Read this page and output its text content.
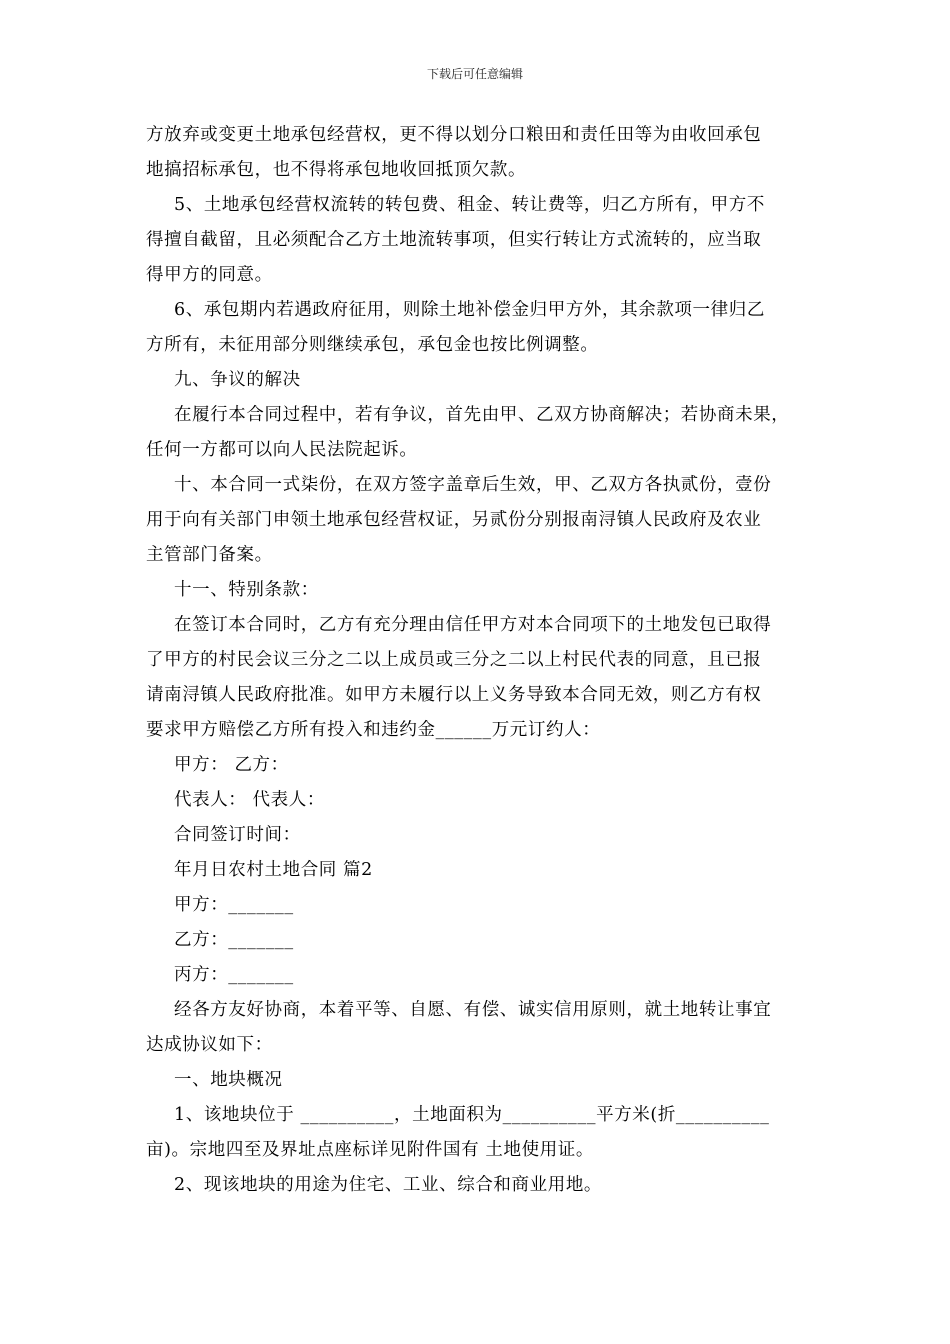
下载后可任意编辑
方放弃或变更土地承包经营权，更不得以划分口粮田和责任田等为由收回承包
地搞招标承包，也不得将承包地收回抵顶欠款。
5、土地承包经营权流转的转包费、租金、转让费等，归乙方所有，甲方不
得擅自截留，且必须配合乙方土地流转事项，但实行转让方式流转的，应当取
得甲方的同意。
6、承包期内若遇政府征用，则除土地补偿金归甲方外，其余款项一律归乙
方所有，未征用部分则继续承包，承包金也按比例调整。
九、争议的解决
在履行本合同过程中，若有争议，首先由甲、乙双方协商解决；若协商未果，
任何一方都可以向人民法院起诉。
十、本合同一式柒份，在双方签字盖章后生效，甲、乙双方各执贰份，壹份
用于向有关部门申领土地承包经营权证，另贰份分别报南浔镇人民政府及农业
主管部门备案。
十一、特别条款：
在签订本合同时，乙方有充分理由信任甲方对本合同项下的土地发包已取得
了甲方的村民会议三分之二以上成员或三分之二以上村民代表的同意，且已报
请南浔镇人民政府批准。如甲方未履行以上义务导致本合同无效，则乙方有权
要求甲方赔偿乙方所有投入和违约金______万元订约人：
甲方： 乙方：
代表人： 代表人：
合同签订时间：
年月日农村土地合同 篇2
甲方：_______
乙方：_______
丙方：_______
经各方友好协商，本着平等、自愿、有偿、诚实信用原则，就土地转让事宜
达成协议如下：
一、地块概况
1、该地块位于 __________，土地面积为__________平方米(折__________
亩)。宗地四至及界址点座标详见附件国有 土地使用证。
2、现该地块的用途为住宅、工业、综合和商业用地。
